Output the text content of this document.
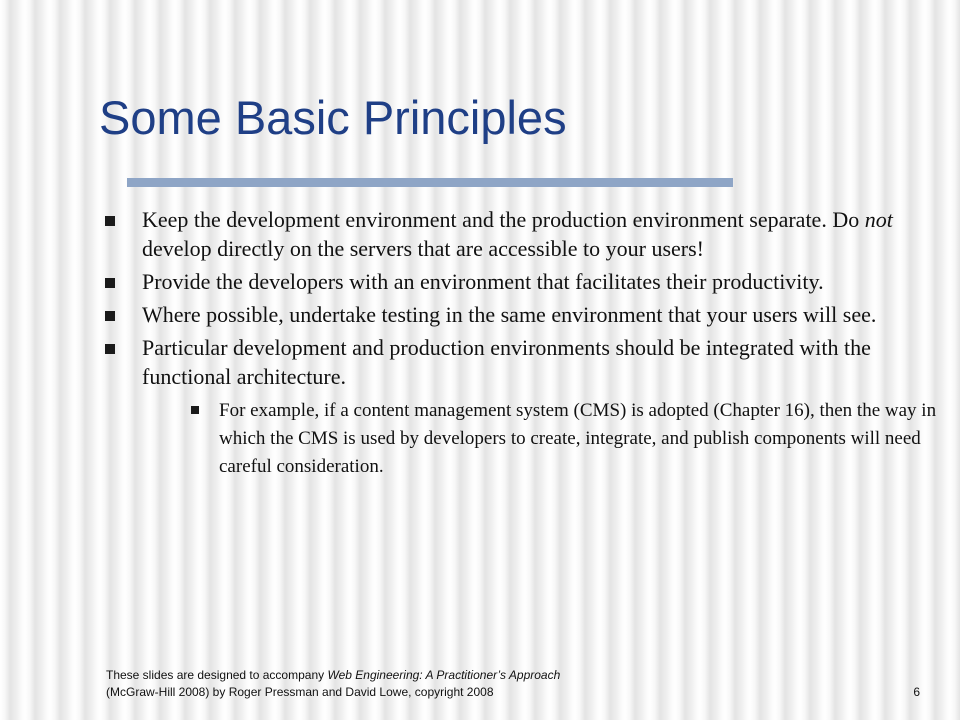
Some Basic Principles
Keep the development environment and the production environment separate. Do not develop directly on the servers that are accessible to your users!
Provide the developers with an environment that facilitates their productivity.
Where possible, undertake testing in the same environment that your users will see.
Particular development and production environments should be integrated with the functional architecture.
For example, if a content management system (CMS) is adopted (Chapter 16), then the way in which the CMS is used by developers to create, integrate, and publish components will need careful consideration.
These slides are designed to accompany Web Engineering: A Practitioner’s Approach
(McGraw-Hill 2008) by Roger Pressman and David Lowe, copyright 2008	6
